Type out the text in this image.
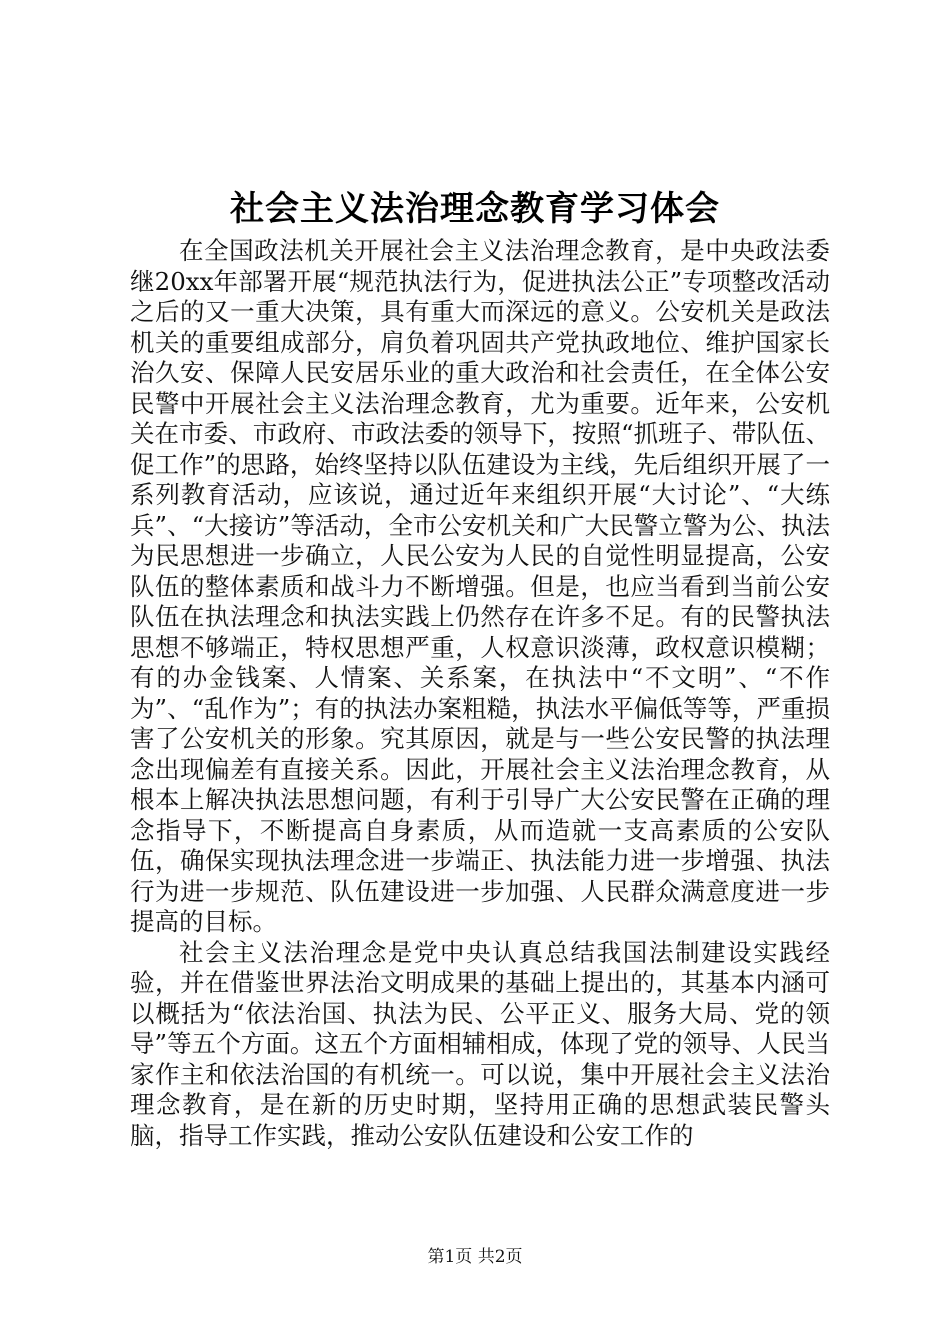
社会主义法治理念教育学习体会

在全国政法机关开展社会主义法治理念教育，是中央政法委继20xx年部署开展“规范执法行为，促进执法公正”专项整改活动之后的又一重大决策，具有重大而深远的意义。公安机关是政法机关的重要组成部分，肩负着巩固共产党执政地位、维护国家长治久安、保障人民安居乐业的重大政治和社会责任，在全体公安民警中开展社会主义法治理念教育，尤为重要。近年来，公安机关在市委、市政府、市政法委的领导下，按照“抓班子、带队伍、促工作”的思路，始终坚持以队伍建设为主线，先后组织开展了一系列教育活动，应该说，通过近年来组织开展“大讨论”、“大练兵”、“大接访”等活动，全市公安机关和广大民警立警为公、执法为民思想进一步确立，人民公安为人民的自觉性明显提高，公安队伍的整体素质和战斗力不断增强。但是，也应当看到当前公安队伍在执法理念和执法实践上仍然存在许多不足。有的民警执法思想不够端正，特权思想严重，人权意识淡薄，政权意识模糊；有的办金钱案、人情案、关系案，在执法中“不文明”、“不作为”、“乱作为”；有的执法办案粗糙，执法水平偏低等等，严重损害了公安机关的形象。究其原因，就是与一些公安民警的执法理念出现偏差有直接关系。因此，开展社会主义法治理念教育，从根本上解决执法思想问题，有利于引导广大公安民警在正确的理念指导下，不断提高自身素质，从而造就一支高素质的公安队伍，确保实现执法理念进一步端正、执法能力进一步增强、执法行为进一步规范、队伍建设进一步加强、人民群众满意度进一步提高的目标。

社会主义法治理念是党中央认真总结我国法制建设实践经验，并在借鉴世界法治文明成果的基础上提出的，其基本内涵可以概括为“依法治国、执法为民、公平正义、服务大局、党的领导”等五个方面。这五个方面相辅相成，体现了党的领导、人民当家作主和依法治国的有机统一。可以说，集中开展社会主义法治理念教育，是在新的历史时期，坚持用正确的思想武装民警头脑，指导工作实践，推动公安队伍建设和公安工作的

第1页 共2页
